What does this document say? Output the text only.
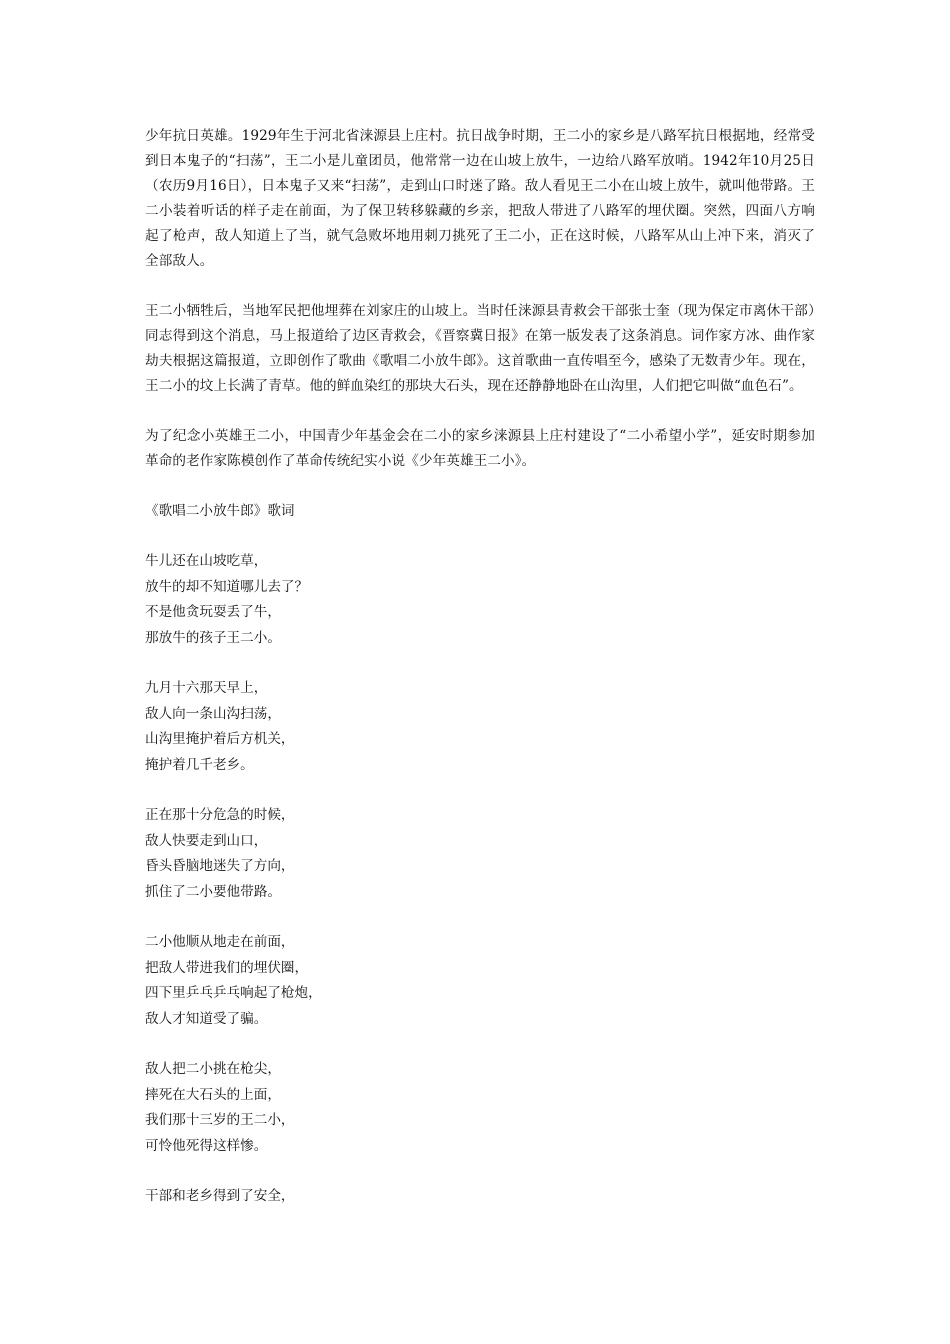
少年抗日英雄。1929年生于河北省涞源县上庄村。抗日战争时期，王二小的家乡是八路军抗日根据地，经常受到日本鬼子的“扫荡”，王二小是儿童团员，他常常一边在山坡上放牛，一边给八路军放哨。1942年10月25日（农历9月16日），日本鬼子又来“扫荡”，走到山口时迷了路。敌人看见王二小在山坡上放牛，就叫他带路。王二小装着听话的样子走在前面，为了保卫转移躲藏的乡亲，把敌人带进了八路军的埋伏圈。突然，四面八方响起了枪声，敌人知道上了当，就气急败坏地用刺刀挑死了王二小，正在这时候，八路军从山上冲下来，消灭了全部敌人。

王二小牺牲后，当地军民把他埋葬在刘家庄的山坡上。当时任涞源县青救会干部张士奎（现为保定市离休干部）同志得到这个消息，马上报道给了边区青救会，《晋察冀日报》在第一版发表了这条消息。词作家方冰、曲作家劫夫根据这篇报道，立即创作了歌曲《歌唱二小放牛郎》。这首歌曲一直传唱至今，感染了无数青少年。现在，王二小的坟上长满了青草。他的鲜血染红的那块大石头，现在还静静地卧在山沟里，人们把它叫做“血色石”。

为了纪念小英雄王二小，中国青少年基金会在二小的家乡涞源县上庄村建设了“二小希望小学”，延安时期参加革命的老作家陈模创作了革命传统纪实小说《少年英雄王二小》。

《歌唱二小放牛郎》歌词

牛儿还在山坡吃草，
放牛的却不知道哪儿去了？
不是他贪玩耍丢了牛，
那放牛的孩子王二小。
九月十六那天早上，
敌人向一条山沟扫荡，
山沟里掩护着后方机关，
掩护着几千老乡。
正在那十分危急的时候，
敌人快要走到山口，
昏头昏脑地迷失了方向，
抓住了二小要他带路。
二小他顺从地走在前面，
把敌人带进我们的埋伏圈，
四下里乒乓乒乓响起了枪炮，
敌人才知道受了骗。
敌人把二小挑在枪尖，
摔死在大石头的上面，
我们那十三岁的王二小，
可怜他死得这样惨。
干部和老乡得到了安全，
